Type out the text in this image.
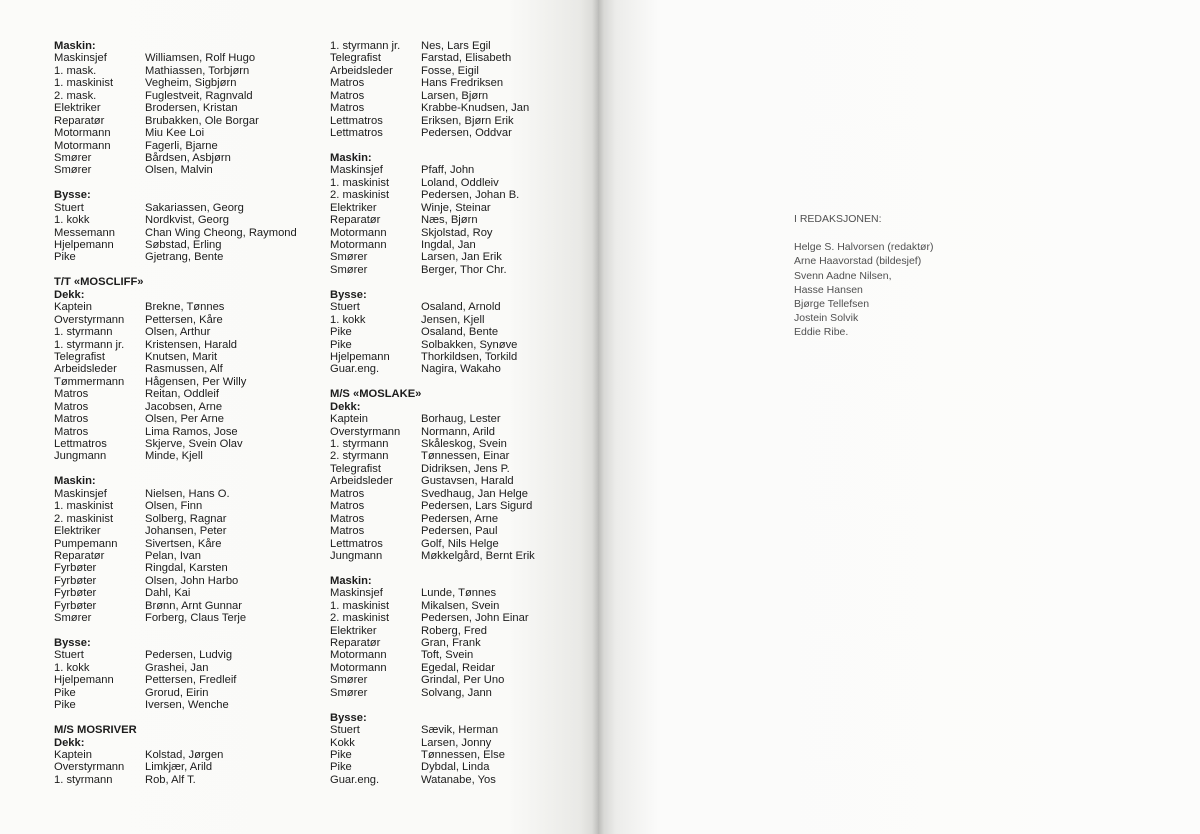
Maskin:
Maskinsjef	Williamsen, Rolf Hugo
1. mask.	Mathiassen, Torbjørn
1. maskinist	Vegheim, Sigbjørn
2. mask.	Fuglestveit, Ragnvald
Elektriker	Brodersen, Kristan
Reparatør	Brubakken, Ole Borgar
Motormann	Miu Kee Loi
Motormann	Fagerli, Bjarne
Smører	Bårdsen, Asbjørn
Smører	Olsen, Malvin
Bysse:
Stuert	Sakariassen, Georg
1. kokk	Nordkvist, Georg
Messemann	Chan Wing Cheong, Raymond
Hjelpemann	Søbstad, Erling
Pike	Gjetrang, Bente
T/T «MOSCLIFF»
Dekk:
Kaptein	Brekne, Tønnes
Overstyrmann	Pettersen, Kåre
1. styrmann	Olsen, Arthur
1. styrmann jr.	Kristensen, Harald
Telegrafist	Knutsen, Marit
Arbeidsleder	Rasmussen, Alf
Tømmermann	Hågensen, Per Willy
Matros	Reitan, Oddleif
Matros	Jacobsen, Arne
Matros	Olsen, Per Arne
Matros	Lima Ramos, Jose
Lettmatros	Skjerve, Svein Olav
Jungmann	Minde, Kjell
Maskin:
Maskinsjef	Nielsen, Hans O.
1. maskinist	Olsen, Finn
2. maskinist	Solberg, Ragnar
Elektriker	Johansen, Peter
Pumpemann	Sivertsen, Kåre
Reparatør	Pelan, Ivan
Fyrbøter	Ringdal, Karsten
Fyrbøter	Olsen, John Harbo
Fyrbøter	Dahl, Kai
Fyrbøter	Brønn, Arnt Gunnar
Smører	Forberg, Claus Terje
Bysse:
Stuert	Pedersen, Ludvig
1. kokk	Grashei, Jan
Hjelpemann	Pettersen, Fredleif
Pike	Grorud, Eirin
Pike	Iversen, Wenche
M/S MOSRIVER
Dekk:
Kaptein	Kolstad, Jørgen
Overstyrmann	Limkjær, Arild
1. styrmann	Rob, Alf T.
1. styrmann jr.	Nes, Lars Egil
Telegrafist	Farstad, Elisabeth
Arbeidsleder	Fosse, Eigil
Matros	Hans Fredriksen
Matros	Larsen, Bjørn
Matros	Krabbe-Knudsen, Jan
Lettmatros	Eriksen, Bjørn Erik
Lettmatros	Pedersen, Oddvar
Maskin:
Maskinsjef	Pfaff, John
1. maskinist	Loland, Oddleiv
2. maskinist	Pedersen, Johan B.
Elektriker	Winje, Steinar
Reparatør	Næs, Bjørn
Motormann	Skjolstad, Roy
Motormann	Ingdal, Jan
Smører	Larsen, Jan Erik
Smører	Berger, Thor Chr.
Bysse:
Stuert	Osaland, Arnold
1. kokk	Jensen, Kjell
Pike	Osaland, Bente
Pike	Solbakken, Synøve
Hjelpemann	Thorkildsen, Torkild
Guar.eng.	Nagira, Wakaho
M/S «MOSLAKE»
Dekk:
Kaptein	Borhaug, Lester
Overstyrmann	Normann, Arild
1. styrmann	Skåleskog, Svein
2. styrmann	Tønnessen, Einar
Telegrafist	Didriksen, Jens P.
Arbeidsleder	Gustavsen, Harald
Matros	Svedhaug, Jan Helge
Matros	Pedersen, Lars Sigurd
Matros	Pedersen, Arne
Matros	Pedersen, Paul
Lettmatros	Golf, Nils Helge
Jungmann	Møkkelgård, Bernt Erik
Maskin:
Maskinsjef	Lunde, Tønnes
1. maskinist	Mikalsen, Svein
2. maskinist	Pedersen, John Einar
Elektriker	Roberg, Fred
Reparatør	Gran, Frank
Motormann	Toft, Svein
Motormann	Egedal, Reidar
Smører	Grindal, Per Uno
Smører	Solvang, Jann
Bysse:
Stuert	Sævik, Herman
Kokk	Larsen, Jonny
Pike	Tønnessen, Else
Pike	Dybdal, Linda
Guar.eng.	Watanabe, Yos
I REDAKSJONEN:
Helge S. Halvorsen (redaktør)
Arne Haavorstad (bildesjef)
Svenn Aadne Nilsen,
Hasse Hansen
Bjørge Tellefsen
Jostein Solvik
Eddie Ribe.
